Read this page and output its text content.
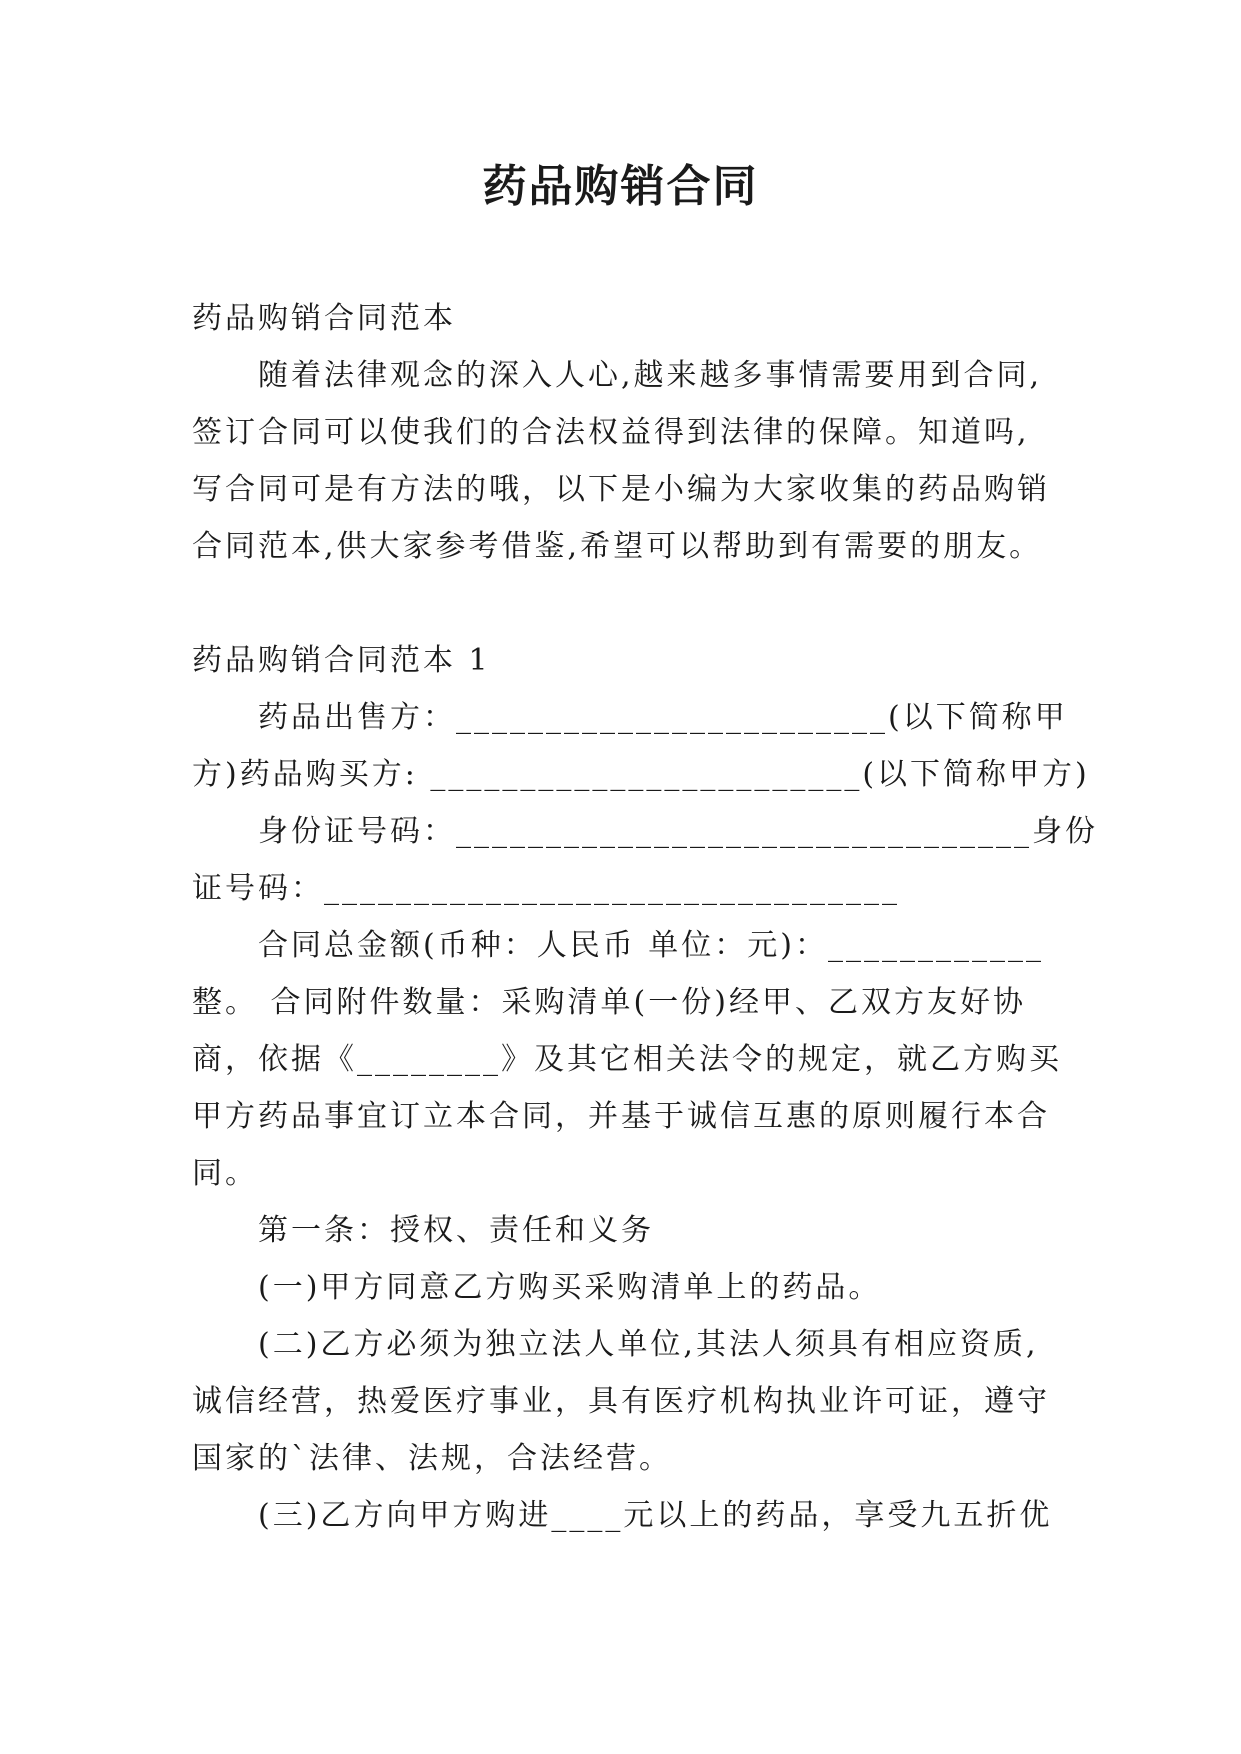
药品购销合同

药品购销合同范本

随着法律观念的深入人心,越来越多事情需要用到合同,

签订合同可以使我们的合法权益得到法律的保障。知道吗,

写合同可是有方法的哦，以下是小编为大家收集的药品购销

合同范本,供大家参考借鉴,希望可以帮助到有需要的朋友。

药品购销合同范本 1

药品出售方：________________________(以下简称甲

方)药品购买方: ________________________(以下简称甲方)

身份证号码：________________________________身份

证号码：________________________________

合同总金额(币种：人民币 单位：元)：____________

整。 合同附件数量：采购清单(一份)经甲、乙双方友好协

商，依据《________》及其它相关法令的规定，就乙方购买

甲方药品事宜订立本合同，并基于诚信互惠的原则履行本合

同。

第一条：授权、责任和义务

(一)甲方同意乙方购买采购清单上的药品。

(二)乙方必须为独立法人单位,其法人须具有相应资质,

诚信经营，热爱医疗事业，具有医疗机构执业许可证，遵守

国家的`法律、法规，合法经营。

(三)乙方向甲方购进____元以上的药品，享受九五折优
